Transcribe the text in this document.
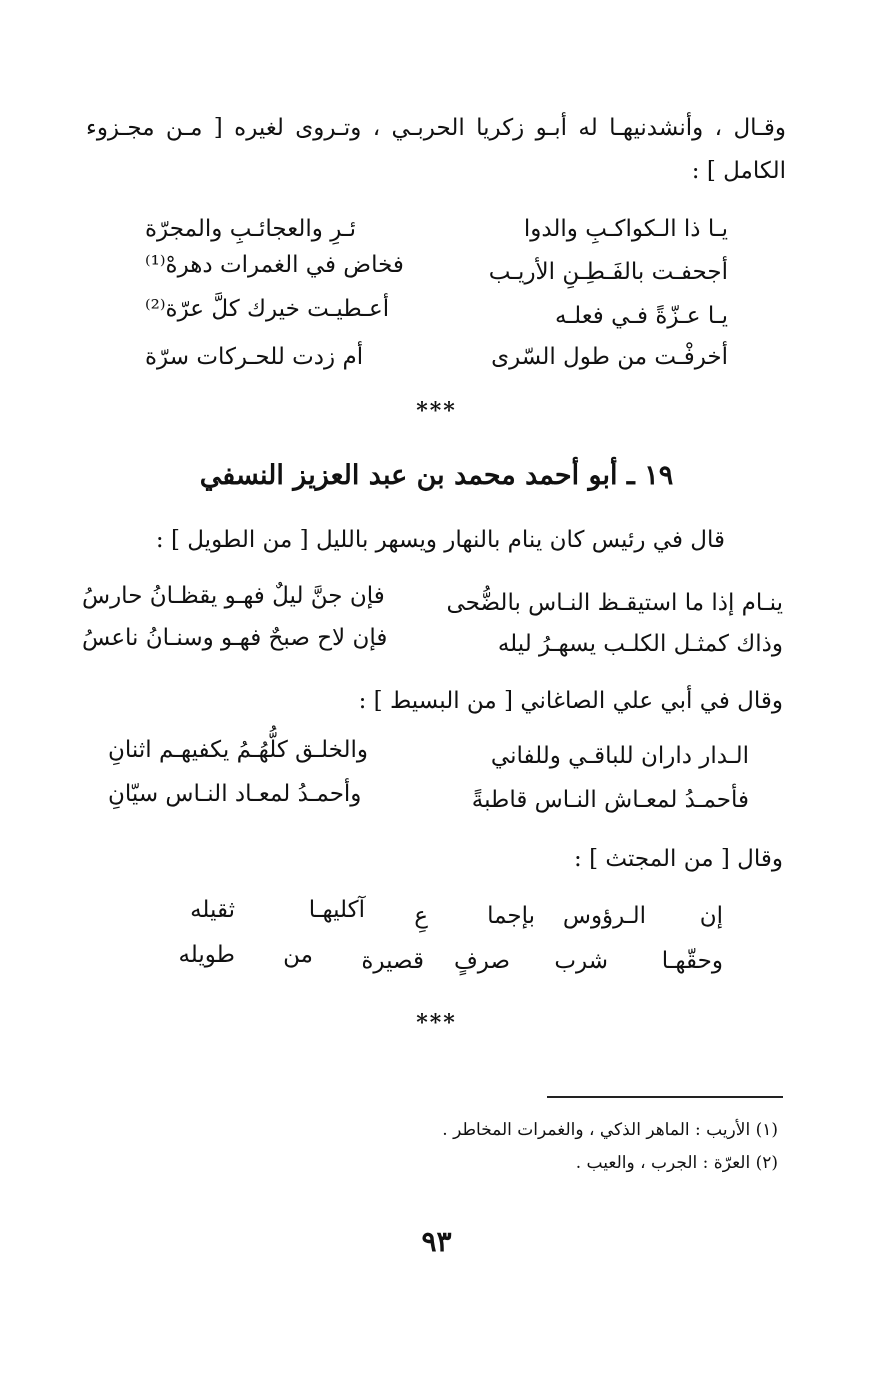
وقـال ، وأنشدنيهـا له أبـو زكريا الحربـي ، وتـروى لغيره [ مـن مجـزوء
الكامل ] :
يـا ذا الـكواكـبِ والدوا
ئـرِ والعجائـبِ والمجرّة
أجحفـت بالفَـطِـنِ الأريـب
فخاض في الغمرات دهرهْ⁽¹⁾
يـا عـزّةً فـي فعلـه
أعـطيـت خيرك كلَّ عرّة⁽²⁾
أخرفْـت من طول السّرى
أم زدت للحـركات سرّة
***
١٩ ـ أبو أحمد محمد بن عبد العزيز النسفي
قال في رئيس كان ينام بالنهار ويسهر بالليل [ من الطويل ] :
ينـام إذا ما استيقـظ النـاس بالضُّحى
فإن جنَّ ليلٌ فهـو يقظـانُ حارسُ
وذاك كمثـل الكلـب يسهـرُ ليله
فإن لاح صبحٌ فهـو وسنـانُ ناعسُ
وقال في أبي علي الصاغاني [ من البسيط ] :
الـدار داران للباقـي وللفاني
والخلـق كلُّهُـمُ يكفيهـم اثنانِ
فأحمـدُ لمعـاش النـاس قاطبةً
وأحمـدُ لمعـاد النـاس سيّانِ
وقال [ من المجتث ] :
إن
الـرؤوس
بإجما
عِ
آكليهـا
ثقيله
وحقّهـا
شرب
صرفٍ
قصيرة
من
طويله
***
(١) الأريب : الماهر الذكي ، والغمرات المخاطر .
(٢) العرّة : الجرب ، والعيب .
٩٣
